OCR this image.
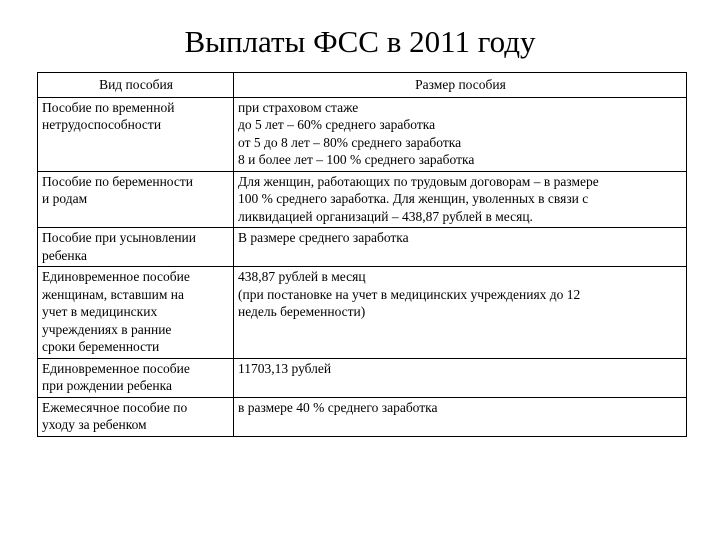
Выплаты ФСС в 2011 году
Вид пособия	Размер пособия

Пособие по временной
нетрудоспособности	при страховом стаже
до 5 лет – 60% среднего заработка
от 5 до 8 лет – 80% среднего заработка
8 и более лет – 100 % среднего заработка

Пособие по беременности
и родам	Для женщин, работающих по трудовым договорам – в размере
100 % среднего заработка. Для женщин, уволенных в связи с
ликвидацией организаций – 438,87 рублей в месяц.

Пособие при усыновлении
ребенка	В размере среднего заработка

Единовременное пособие
женщинам, вставшим на
учет в медицинских
учреждениях в ранние
сроки беременности	438,87 рублей в месяц
(при постановке на учет в медицинских учреждениях до 12
недель беременности)

Единовременное пособие
при рождении ребенка	11703,13 рублей

Ежемесячное пособие по
уходу за ребенком	в размере 40 % среднего заработка
